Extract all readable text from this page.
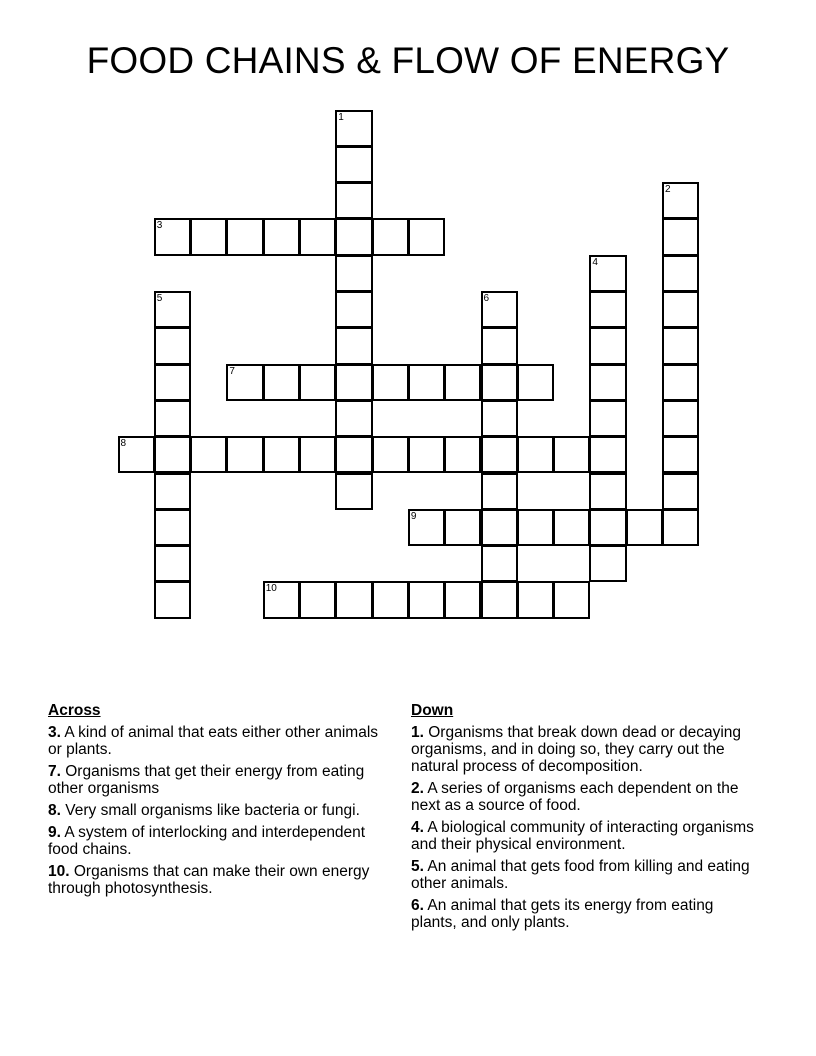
FOOD CHAINS & FLOW OF ENERGY
1
2
3
4
5	6
7
8
9
10
Across
3. A kind of animal that eats either other animals or plants.
7. Organisms that get their energy from eating other organisms
8. Very small organisms like bacteria or fungi.
9. A system of interlocking and interdependent food chains.
10. Organisms that can make their own energy through photosynthesis.
Down
1. Organisms that break down dead or decaying organisms, and in doing so, they carry out the natural process of decomposition.
2. A series of organisms each dependent on the next as a source of food.
4. A biological community of interacting organisms and their physical environment.
5. An animal that gets food from killing and eating other animals.
6. An animal that gets its energy from eating plants, and only plants.
